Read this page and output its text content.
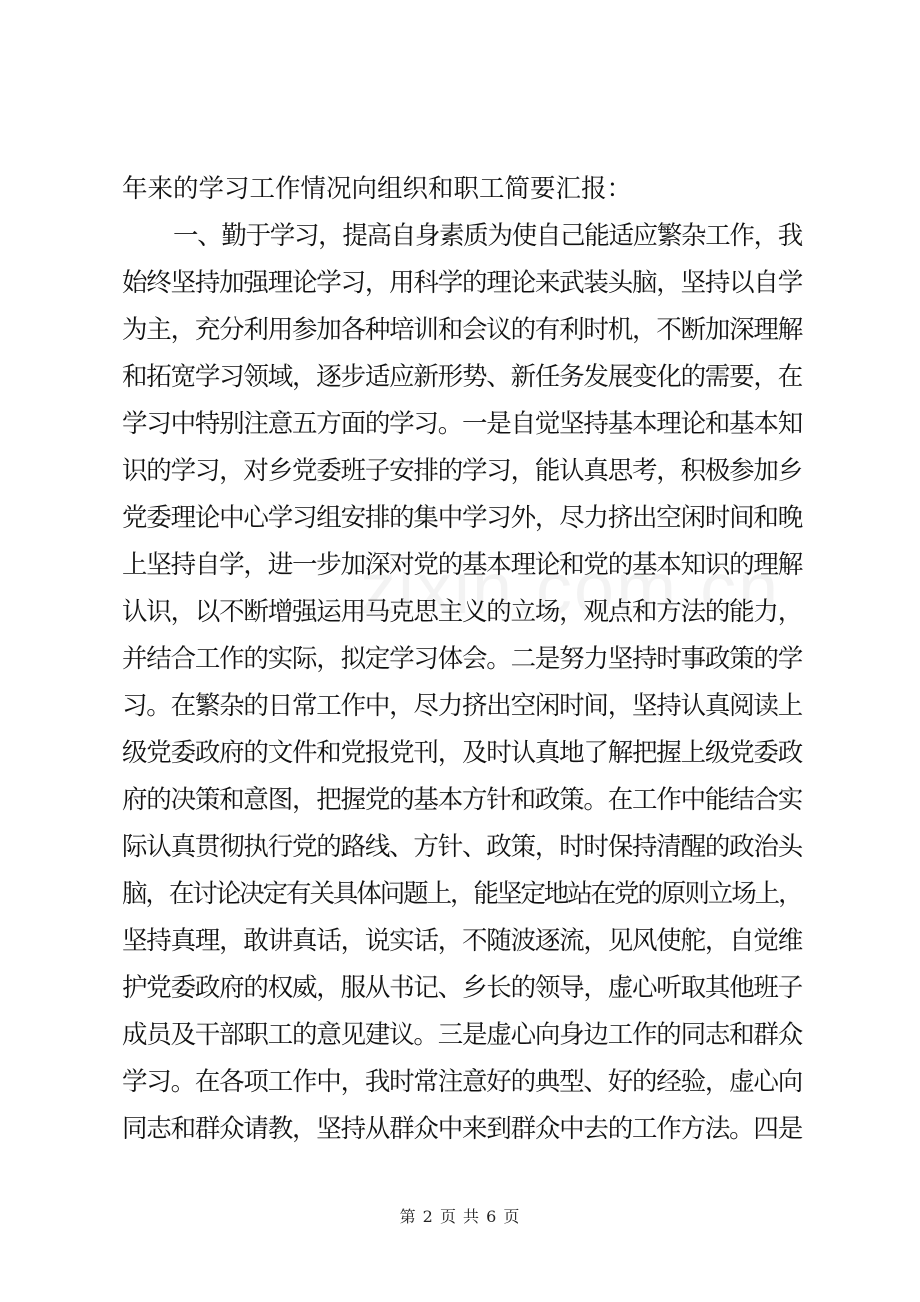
年来的学习工作情况向组织和职工简要汇报：
一、勤于学习，提高自身素质为使自己能适应繁杂工作，我
始终坚持加强理论学习，用科学的理论来武装头脑，坚持以自学
为主，充分利用参加各种培训和会议的有利时机，不断加深理解
和拓宽学习领域，逐步适应新形势、新任务发展变化的需要，在
学习中特别注意五方面的学习。一是自觉坚持基本理论和基本知
识的学习，对乡党委班子安排的学习，能认真思考，积极参加乡
党委理论中心学习组安排的集中学习外，尽力挤出空闲时间和晚
上坚持自学，进一步加深对党的基本理论和党的基本知识的理解
认识，以不断增强运用马克思主义的立场，观点和方法的能力，
并结合工作的实际，拟定学习体会。二是努力坚持时事政策的学
习。在繁杂的日常工作中，尽力挤出空闲时间，坚持认真阅读上
级党委政府的文件和党报党刊，及时认真地了解把握上级党委政
府的决策和意图，把握党的基本方针和政策。在工作中能结合实
际认真贯彻执行党的路线、方针、政策，时时保持清醒的政治头
脑，在讨论决定有关具体问题上，能坚定地站在党的原则立场上，
坚持真理，敢讲真话，说实话，不随波逐流，见风使舵，自觉维
护党委政府的权威，服从书记、乡长的领导，虚心听取其他班子
成员及干部职工的意见建议。三是虚心向身边工作的同志和群众
学习。在各项工作中，我时常注意好的典型、好的经验，虚心向
同志和群众请教，坚持从群众中来到群众中去的工作方法。四是
第 2 页 共 6 页
